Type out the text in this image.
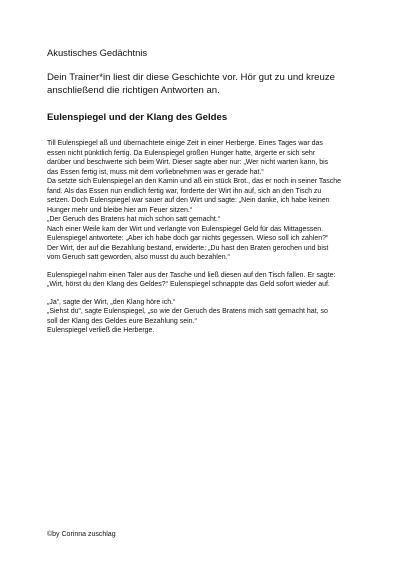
Akustisches Gedächtnis

Dein Trainer*in liest dir diese Geschichte vor. Hör gut zu und kreuze
anschließend die richtigen Antworten an.

Eulenspiegel und der Klang des Geldes

Till Eulenspiegel aß und übernachtete einige Zeit in einer Herberge. Eines Tages war das
essen nicht pünktlich fertig. Da Eulenspiegel großen Hunger hatte, ärgerte er sich sehr
darüber und beschwerte sich beim Wirt. Dieser sagte aber nur: „Wer nicht warten kann, bis
das Essen fertig ist, muss mit dem vorliebnehmen was er gerade hat.“
Da setzte sich Eulenspiegel an den Kamin und aß ein stück Brot., das er noch in seiner Tasche
fand. Als das Essen nun endlich fertig war, forderte der Wirt ihn auf, sich an den Tisch zu
setzen. Doch Eulenspiegel war sauer auf den Wirt und sagte: „Nein danke, ich habe keinen
Hunger mehr und bleibe hier am Feuer sitzen.“
„Der Geruch des Bratens hat mich schon satt gemacht.“
Nach einer Weile kam der Wirt und verlangte von Eulenspiegel Geld für das Mittagessen.
Eulenspiegel antwortete: „Aber ich habe doch gar nichts gegessen. Wieso soll ich zahlen?“
Der Wirt, der auf die Bezahlung bestand, erwiderte: „Du hast den Braten gerochen und bist
vom Geruch satt geworden, also musst du auch bezahlen.“

Eulenspiegel nahm einen Taler aus der Tasche und ließ diesen auf den Tisch fallen. Er sagte:
„Wirt, hörst du den Klang des Geldes?“ Eulenspiegel schnappte das Geld sofort wieder auf.

„Ja“, sagte der Wirt, „den Klang höre ich.“
„Siehst du“, sagte Eulenspiegel, „so wie der Geruch des Bratens mich satt gemacht hat, so
soll der Klang des Geldes eure Bezahlung sein.“
Eulenspiegel verließ die Herberge.

©by Corinna zuschlag
